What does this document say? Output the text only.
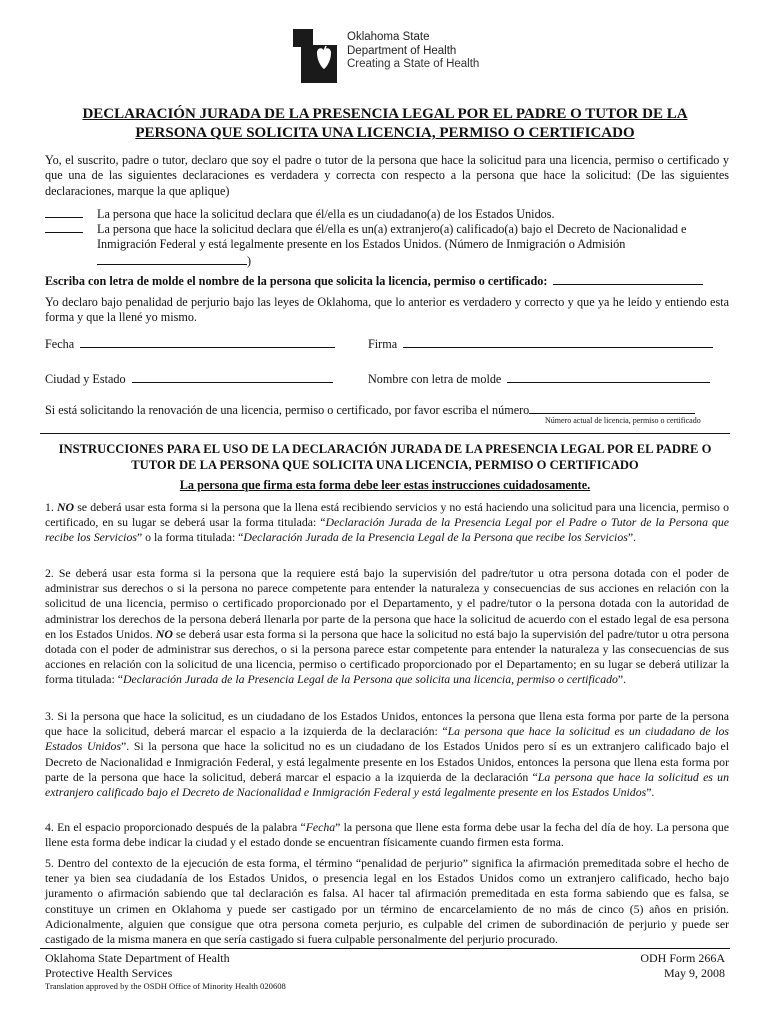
Oklahoma State
Department of Health
Creating a State of Health
DECLARACIÓN JURADA DE LA PRESENCIA LEGAL POR EL PADRE O TUTOR DE LA
PERSONA QUE SOLICITA UNA LICENCIA, PERMISO O CERTIFICADO
Yo, el suscrito, padre o tutor, declaro que soy el padre o tutor de la persona que hace la solicitud para una licencia, permiso o certificado y que una de las siguientes declaraciones es verdadera y correcta con respecto a la persona que hace la solicitud: (De las siguientes declaraciones, marque la que aplique)
La persona que hace la solicitud declara que él/ella es un ciudadano(a) de los Estados Unidos.
La persona que hace la solicitud declara que él/ella es un(a) extranjero(a) calificado(a) bajo el Decreto de Nacionalidad e Inmigración Federal y está legalmente presente en los Estados Unidos. (Número de Inmigración o Admisión
)
Escriba con letra de molde el nombre de la persona que solicita la licencia, permiso o certificado:
Yo declaro bajo penalidad de perjurio bajo las leyes de Oklahoma, que lo anterior es verdadero y correcto y que ya he leído y entiendo esta forma y que la llené yo mismo.
Fecha	Firma
Ciudad y Estado	Nombre con letra de molde
Si está solicitando la renovación de una licencia, permiso o certificado, por favor escriba el número
Número actual de licencia, permiso o certificado
INSTRUCCIONES PARA EL USO DE LA DECLARACIÓN JURADA DE LA PRESENCIA LEGAL POR EL PADRE O
TUTOR DE LA PERSONA QUE SOLICITA UNA LICENCIA, PERMISO O CERTIFICADO
La persona que firma esta forma debe leer estas instrucciones cuidadosamente.
1. NO se deberá usar esta forma si la persona que la llena está recibiendo servicios y no está haciendo una solicitud para una licencia, permiso o certificado, en su lugar se deberá usar la forma titulada: “Declaración Jurada de la Presencia Legal por el Padre o Tutor de la Persona que recibe los Servicios” o la forma titulada: “Declaración Jurada de la Presencia Legal de la Persona que recibe los Servicios”.
2. Se deberá usar esta forma si la persona que la requiere está bajo la supervisión del padre/tutor u otra persona dotada con el poder de administrar sus derechos o si la persona no parece competente para entender la naturaleza y consecuencias de sus acciones en relación con la solicitud de una licencia, permiso o certificado proporcionado por el Departamento, y el padre/tutor o la persona dotada con la autoridad de administrar los derechos de la persona deberá llenarla por parte de la persona que hace la solicitud de acuerdo con el estado legal de esa persona en los Estados Unidos. NO se deberá usar esta forma si la persona que hace la solicitud no está bajo la supervisión del padre/tutor u otra persona dotada con el poder de administrar sus derechos, o si la persona parece estar competente para entender la naturaleza y las consecuencias de sus acciones en relación con la solicitud de una licencia, permiso o certificado proporcionado por el Departamento; en su lugar se deberá utilizar la forma titulada: “Declaración Jurada de la Presencia Legal de la Persona que solicita una licencia, permiso o certificado”.
3. Si la persona que hace la solicitud, es un ciudadano de los Estados Unidos, entonces la persona que llena esta forma por parte de la persona que hace la solicitud, deberá marcar el espacio a la izquierda de la declaración: “La persona que hace la solicitud es un ciudadano de los Estados Unidos”. Si la persona que hace la solicitud no es un ciudadano de los Estados Unidos pero sí es un extranjero calificado bajo el Decreto de Nacionalidad e Inmigración Federal, y está legalmente presente en los Estados Unidos, entonces la persona que llena esta forma por parte de la persona que hace la solicitud, deberá marcar el espacio a la izquierda de la declaración “La persona que hace la solicitud es un extranjero calificado bajo el Decreto de Nacionalidad e Inmigración Federal y está legalmente presente en los Estados Unidos”.
4. En el espacio proporcionado después de la palabra “Fecha” la persona que llene esta forma debe usar la fecha del día de hoy. La persona que llene esta forma debe indicar la ciudad y el estado donde se encuentran físicamente cuando firmen esta forma.
5. Dentro del contexto de la ejecución de esta forma, el término “penalidad de perjurio” significa la afirmación premeditada sobre el hecho de tener ya bien sea ciudadanía de los Estados Unidos, o presencia legal en los Estados Unidos como un extranjero calificado, hecho bajo juramento o afirmación sabiendo que tal declaración es falsa. Al hacer tal afirmación premeditada en esta forma sabiendo que es falsa, se constituye un crimen en Oklahoma y puede ser castigado por un término de encarcelamiento de no más de cinco (5) años en prisión. Adicionalmente, alguien que consigue que otra persona cometa perjurio, es culpable del crimen de subordinación de perjurio y puede ser castigado de la misma manera en que sería castigado si fuera culpable personalmente del perjurio procurado.
Oklahoma State Department of Health
Protective Health Services
Translation approved by the OSDH Office of Minority Health 020608
ODH Form 266A
May 9, 2008
